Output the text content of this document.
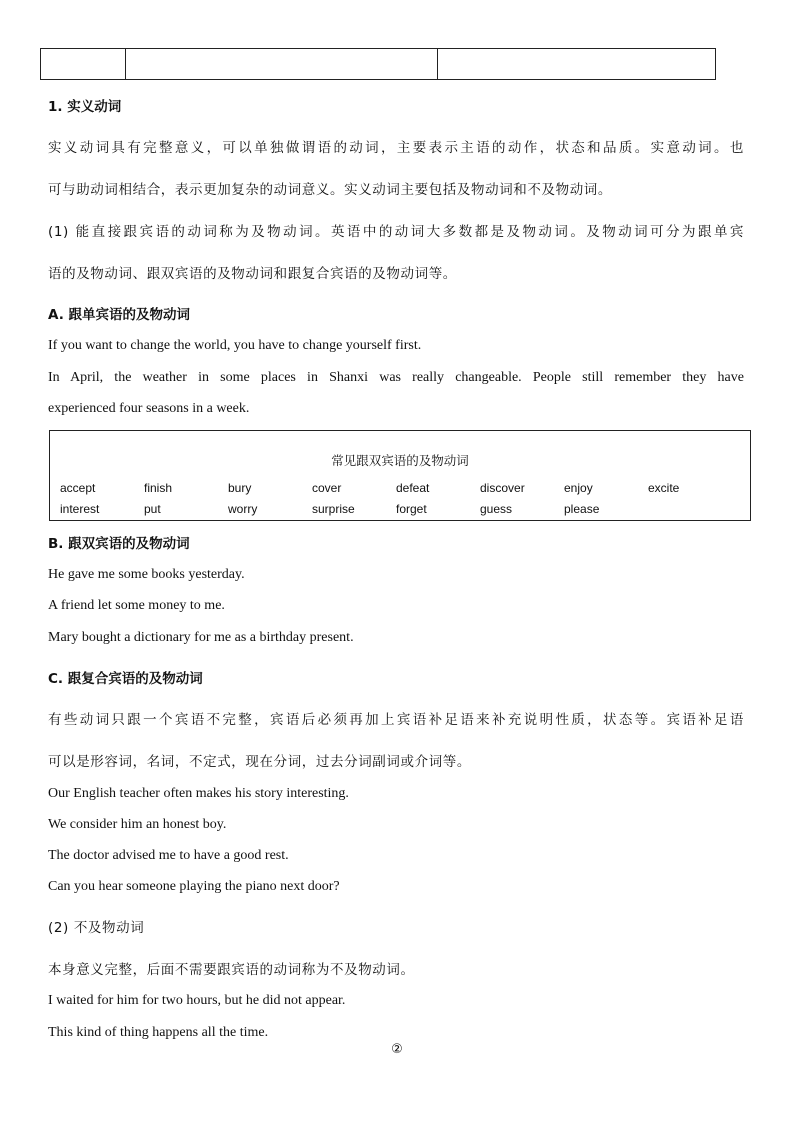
1. 实义动词
实义动词具有完整意义，可以单独做谓语的动词，主要表示主语的动作，状态和品质。实意动词。也
可与助动词相结合，表示更加复杂的动词意义。实义动词主要包括及物动词和不及物动词。
(1) 能直接跟宾语的动词称为及物动词。英语中的动词大多数都是及物动词。及物动词可分为跟单宾
语的及物动词、跟双宾语的及物动词和跟复合宾语的及物动词等。
A. 跟单宾语的及物动词
If you want to change the world, you have to change yourself first.
In April, the weather in some places in Shanxi was really changeable. People still remember they have
experienced four seasons in a week.
常见跟双宾语的及物动词
accept	finish	bury	cover	defeat	discover	enjoy	excite
interest	put	worry	surprise	forget	guess	please
B. 跟双宾语的及物动词
He gave me some books yesterday.
A friend let some money to me.
Mary bought a dictionary for me as a birthday present.
C. 跟复合宾语的及物动词
有些动词只跟一个宾语不完整，宾语后必须再加上宾语补足语来补充说明性质，状态等。宾语补足语
可以是形容词，名词，不定式，现在分词，过去分词副词或介词等。
Our English teacher often makes his story interesting.
We consider him an honest boy.
The doctor advised me to have a good rest.
Can you hear someone playing the piano next door?
(2) 不及物动词
本身意义完整，后面不需要跟宾语的动词称为不及物动词。
I waited for him for two hours, but he did not appear.
This kind of thing happens all the time.
②
